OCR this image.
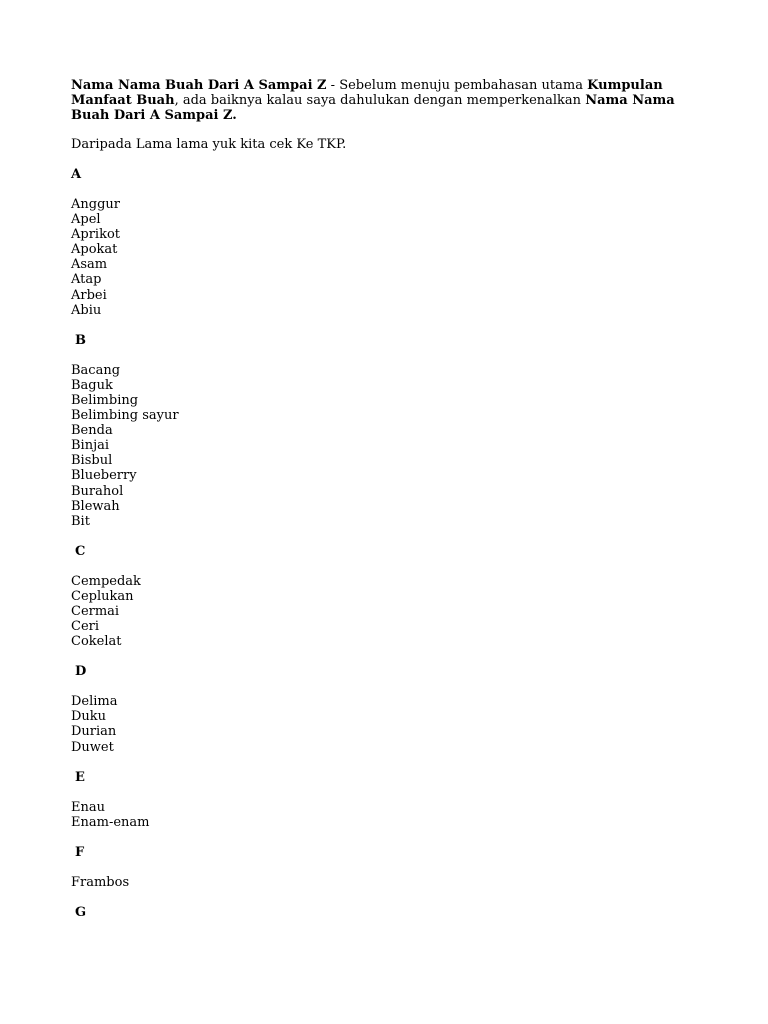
Nama Nama Buah Dari A Sampai Z - Sebelum menuju pembahasan utama Kumpulan Manfaat Buah, ada baiknya kalau saya dahulukan dengan memperkenalkan Nama Nama Buah Dari A Sampai Z.

Daripada Lama lama yuk kita cek Ke TKP.

A
Anggur
Apel
Aprikot
Apokat
Asam
Atap
Arbei
Abiu
B
Bacang
Baguk
Belimbing
Belimbing sayur
Benda
Binjai
Bisbul
Blueberry
Burahol
Blewah
Bit
C
Cempedak
Ceplukan
Cermai
Ceri
Cokelat
D
Delima
Duku
Durian
Duwet
E
Enau
Enam-enam
F
Frambos
G
